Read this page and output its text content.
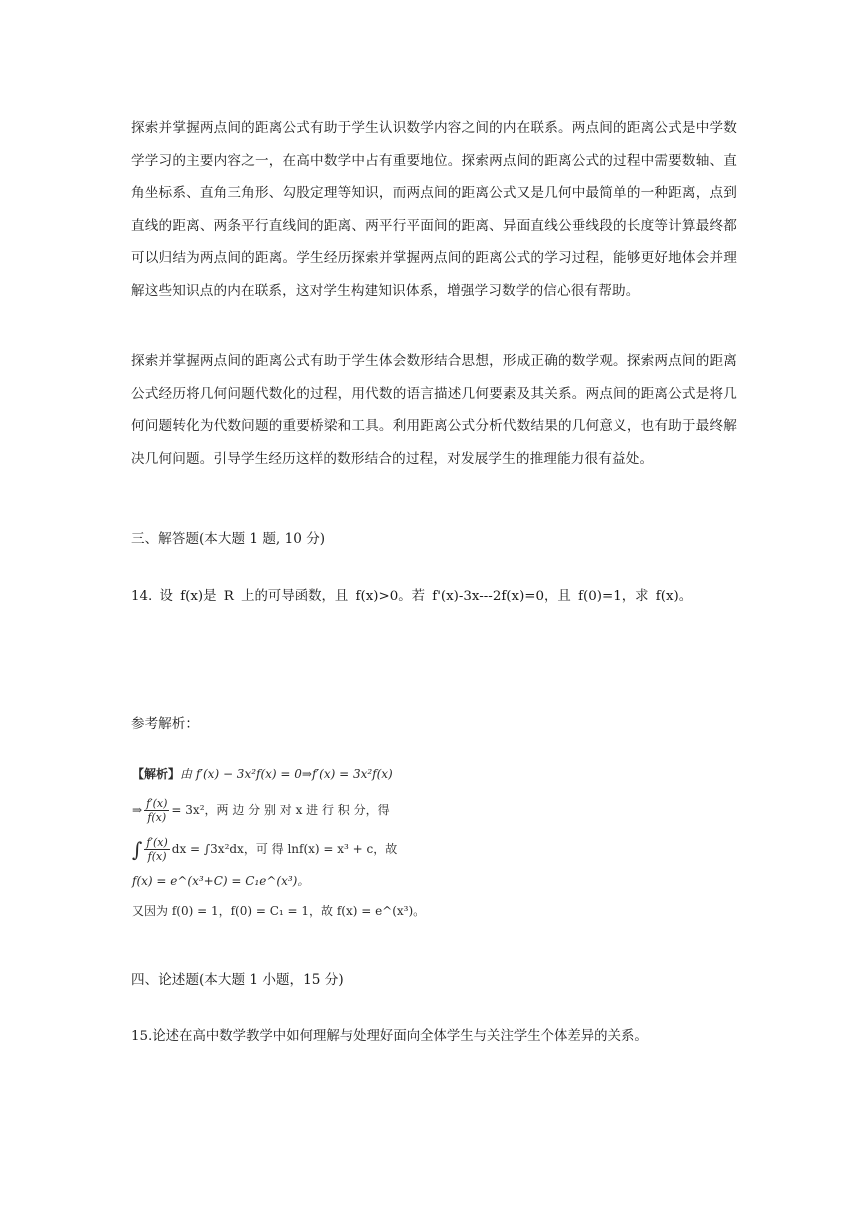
探索并掌握两点间的距离公式有助于学生认识数学内容之间的内在联系。两点间的距离公式是中学数学学习的主要内容之一，在高中数学中占有重要地位。探索两点间的距离公式的过程中需要数轴、直角坐标系、直角三角形、勾股定理等知识，而两点间的距离公式又是几何中最简单的一种距离，点到直线的距离、两条平行直线间的距离、两平行平面间的距离、异面直线公垂线段的长度等计算最终都可以归结为两点间的距离。学生经历探索并掌握两点间的距离公式的学习过程，能够更好地体会并理解这些知识点的内在联系，这对学生构建知识体系，增强学习数学的信心很有帮助。

探索并掌握两点间的距离公式有助于学生体会数形结合思想，形成正确的数学观。探索两点间的距离公式经历将几何问题代数化的过程，用代数的语言描述几何要素及其关系。两点间的距离公式是将几何问题转化为代数问题的重要桥梁和工具。利用距离公式分析代数结果的几何意义，也有助于最终解决几何问题。引导学生经历这样的数形结合的过程，对发展学生的推理能力很有益处。

三、解答题(本大题 1 题, 10 分)

14. 设 f(x)是 R 上的可导函数，且 f(x)>0。若 f'(x)-3x---2f(x)=0，且 f(0)=1，求 f(x)。

参考解析：

【解析】由 f′(x) − 3x²f(x) = 0⇒f′(x) = 3x²f(x)
⇒ $\frac{f'(x)}{f(x)} = 3x^2$，两 边 分 别 对 x 进 行 积 分，得
∫ $\frac{f'(x)}{f(x)}$ dx = ∫3x²dx，可 得 lnf(x) = x³ + c，故
f(x) = e^(x³+C) = C₁e^(x³)。
又因为 f(0) = 1，f(0) = C₁ = 1，故 f(x) = e^(x³)。

四、论述题(本大题 1 小题，15 分)

15.论述在高中数学教学中如何理解与处理好面向全体学生与关注学生个体差异的关系。
